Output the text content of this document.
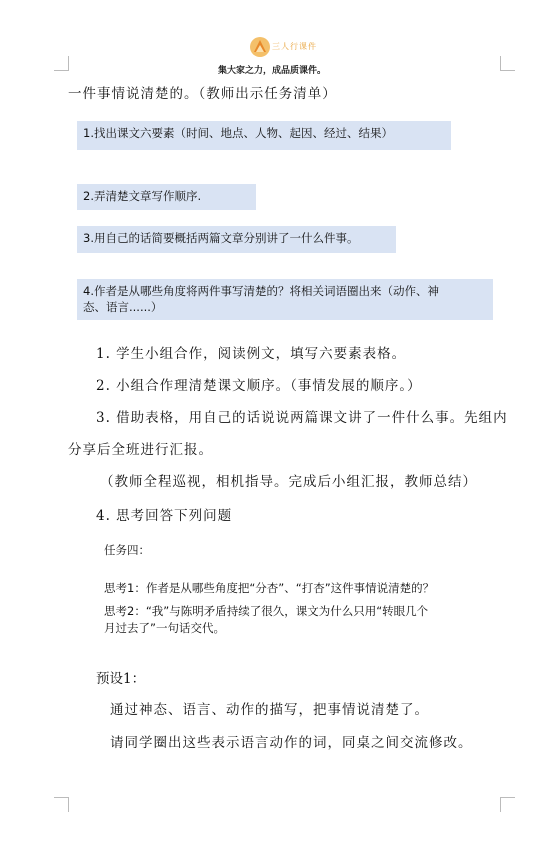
三人行课件
集大家之力，成品质课件。
一件事情说清楚的。（教师出示任务清单）
1.找出课文六要素（时间、地点、人物、起因、经过、结果）
2.弄清楚文章写作顺序.
3.用自己的话简要概括两篇文章分别讲了一什么件事。
4.作者是从哪些角度将两件事写清楚的？将相关词语圈出来（动作、神
态、语言......）
1. 学生小组合作，阅读例文，填写六要素表格。
2. 小组合作理清楚课文顺序。（事情发展的顺序。）
3. 借助表格，用自己的话说说两篇课文讲了一件什么事。先组内
分享后全班进行汇报。
（教师全程巡视，相机指导。完成后小组汇报，教师总结）
4. 思考回答下列问题
任务四：
思考1：作者是从哪些角度把“分杏”、“打杏”这件事情说清楚的？
思考2：“我”与陈明矛盾持续了很久，课文为什么只用“转眼几个
月过去了”一句话交代。
预设1：
通过神态、语言、动作的描写，把事情说清楚了。
请同学圈出这些表示语言动作的词，同桌之间交流修改。
